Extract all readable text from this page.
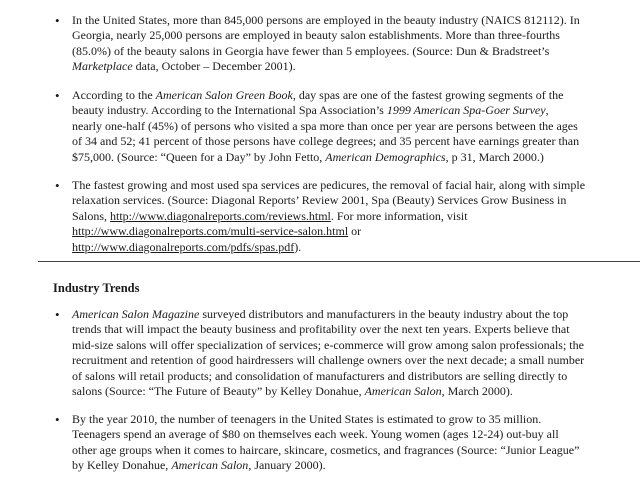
• In the United States, more than 845,000 persons are employed in the beauty industry (NAICS 812112). In
Georgia, nearly 25,000 persons are employed in beauty salon establishments. More than three-fourths
(85.0%) of the beauty salons in Georgia have fewer than 5 employees. (Source: Dun & Bradstreet’s
Marketplace data, October – December 2001).
• According to the American Salon Green Book, day spas are one of the fastest growing segments of the
beauty industry. According to the International Spa Association’s 1999 American Spa-Goer Survey,
nearly one-half (45%) of persons who visited a spa more than once per year are persons between the ages
of 34 and 52; 41 percent of those persons have college degrees; and 35 percent have earnings greater than
$75,000. (Source: “Queen for a Day” by John Fetto, American Demographics, p 31, March 2000.)
• The fastest growing and most used spa services are pedicures, the removal of facial hair, along with simple
relaxation services. (Source: Diagonal Reports’ Review 2001, Spa (Beauty) Services Grow Business in
Salons, http://www.diagonalreports.com/reviews.html. For more information, visit
http://www.diagonalreports.com/multi-service-salon.html or
http://www.diagonalreports.com/pdfs/spas.pdf).
Industry Trends
• American Salon Magazine surveyed distributors and manufacturers in the beauty industry about the top
trends that will impact the beauty business and profitability over the next ten years. Experts believe that
mid-size salons will offer specialization of services; e-commerce will grow among salon professionals; the
recruitment and retention of good hairdressers will challenge owners over the next decade; a small number
of salons will retail products; and consolidation of manufacturers and distributors are selling directly to
salons (Source: “The Future of Beauty” by Kelley Donahue, American Salon, March 2000).
• By the year 2010, the number of teenagers in the United States is estimated to grow to 35 million.
Teenagers spend an average of $80 on themselves each week. Young women (ages 12-24) out-buy all
other age groups when it comes to haircare, skincare, cosmetics, and fragrances (Source: “Junior League”
by Kelley Donahue, American Salon, January 2000).
